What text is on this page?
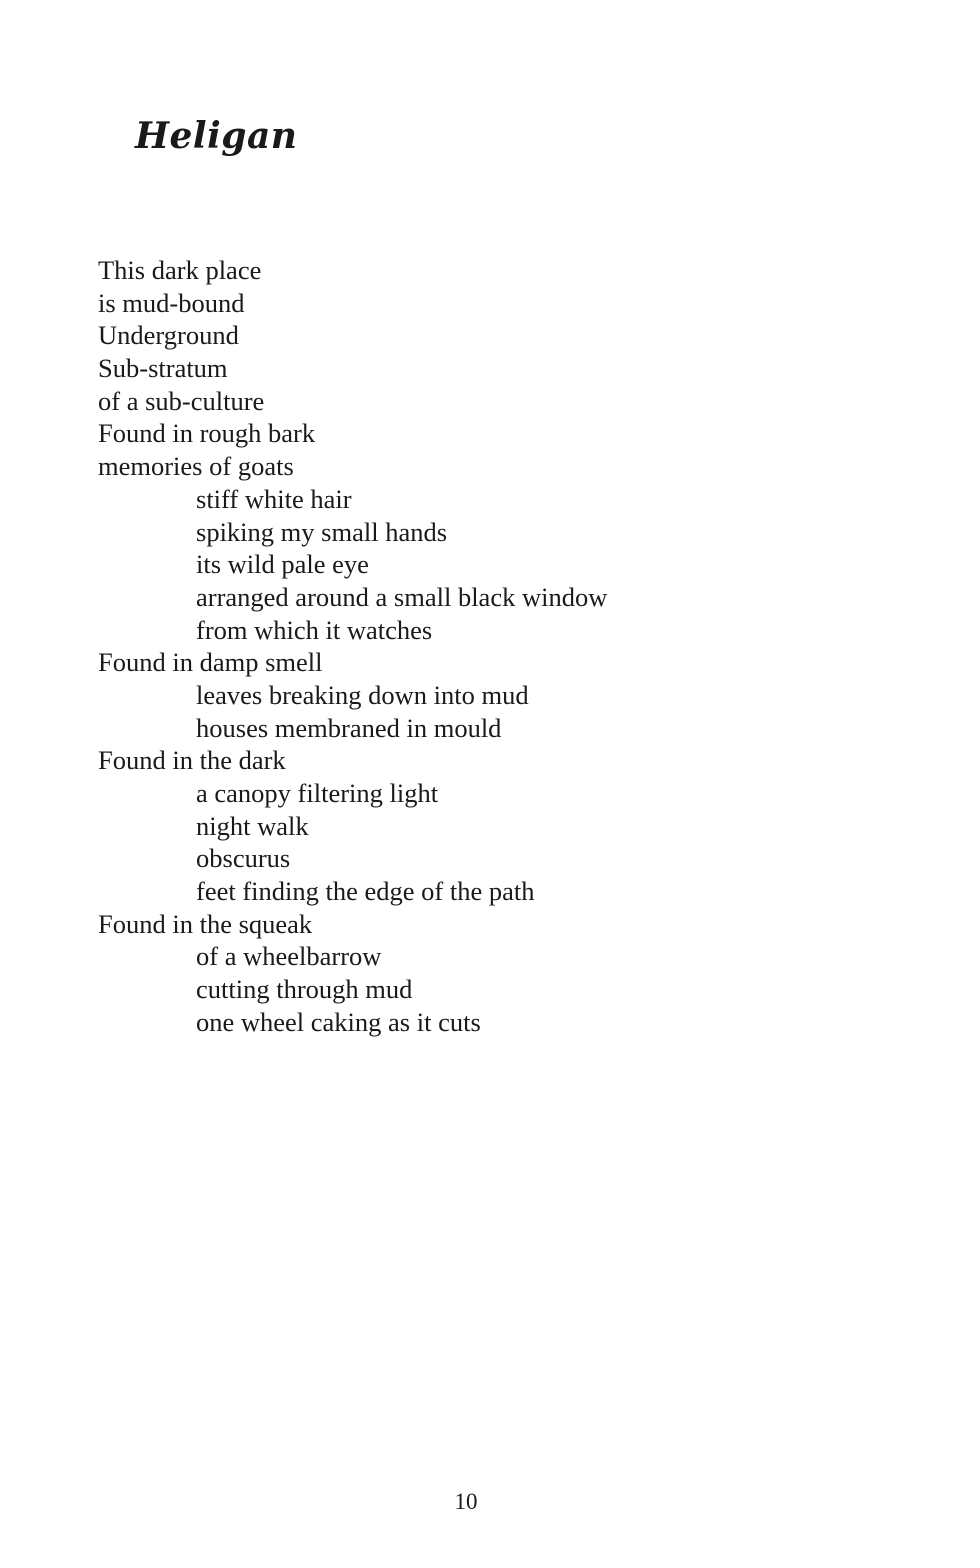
Heligan
This dark place
is mud-bound
Underground
Sub-stratum
of a sub-culture
Found in rough bark
memories of goats
stiff white hair
spiking my small hands
its wild pale eye
arranged around a small black window
from which it watches
Found in damp smell
leaves breaking down into mud
houses membraned in mould
Found in the dark
a canopy filtering light
night walk
obscurus
feet finding the edge of the path
Found in the squeak
of a wheelbarrow
cutting through mud
one wheel caking as it cuts
10
